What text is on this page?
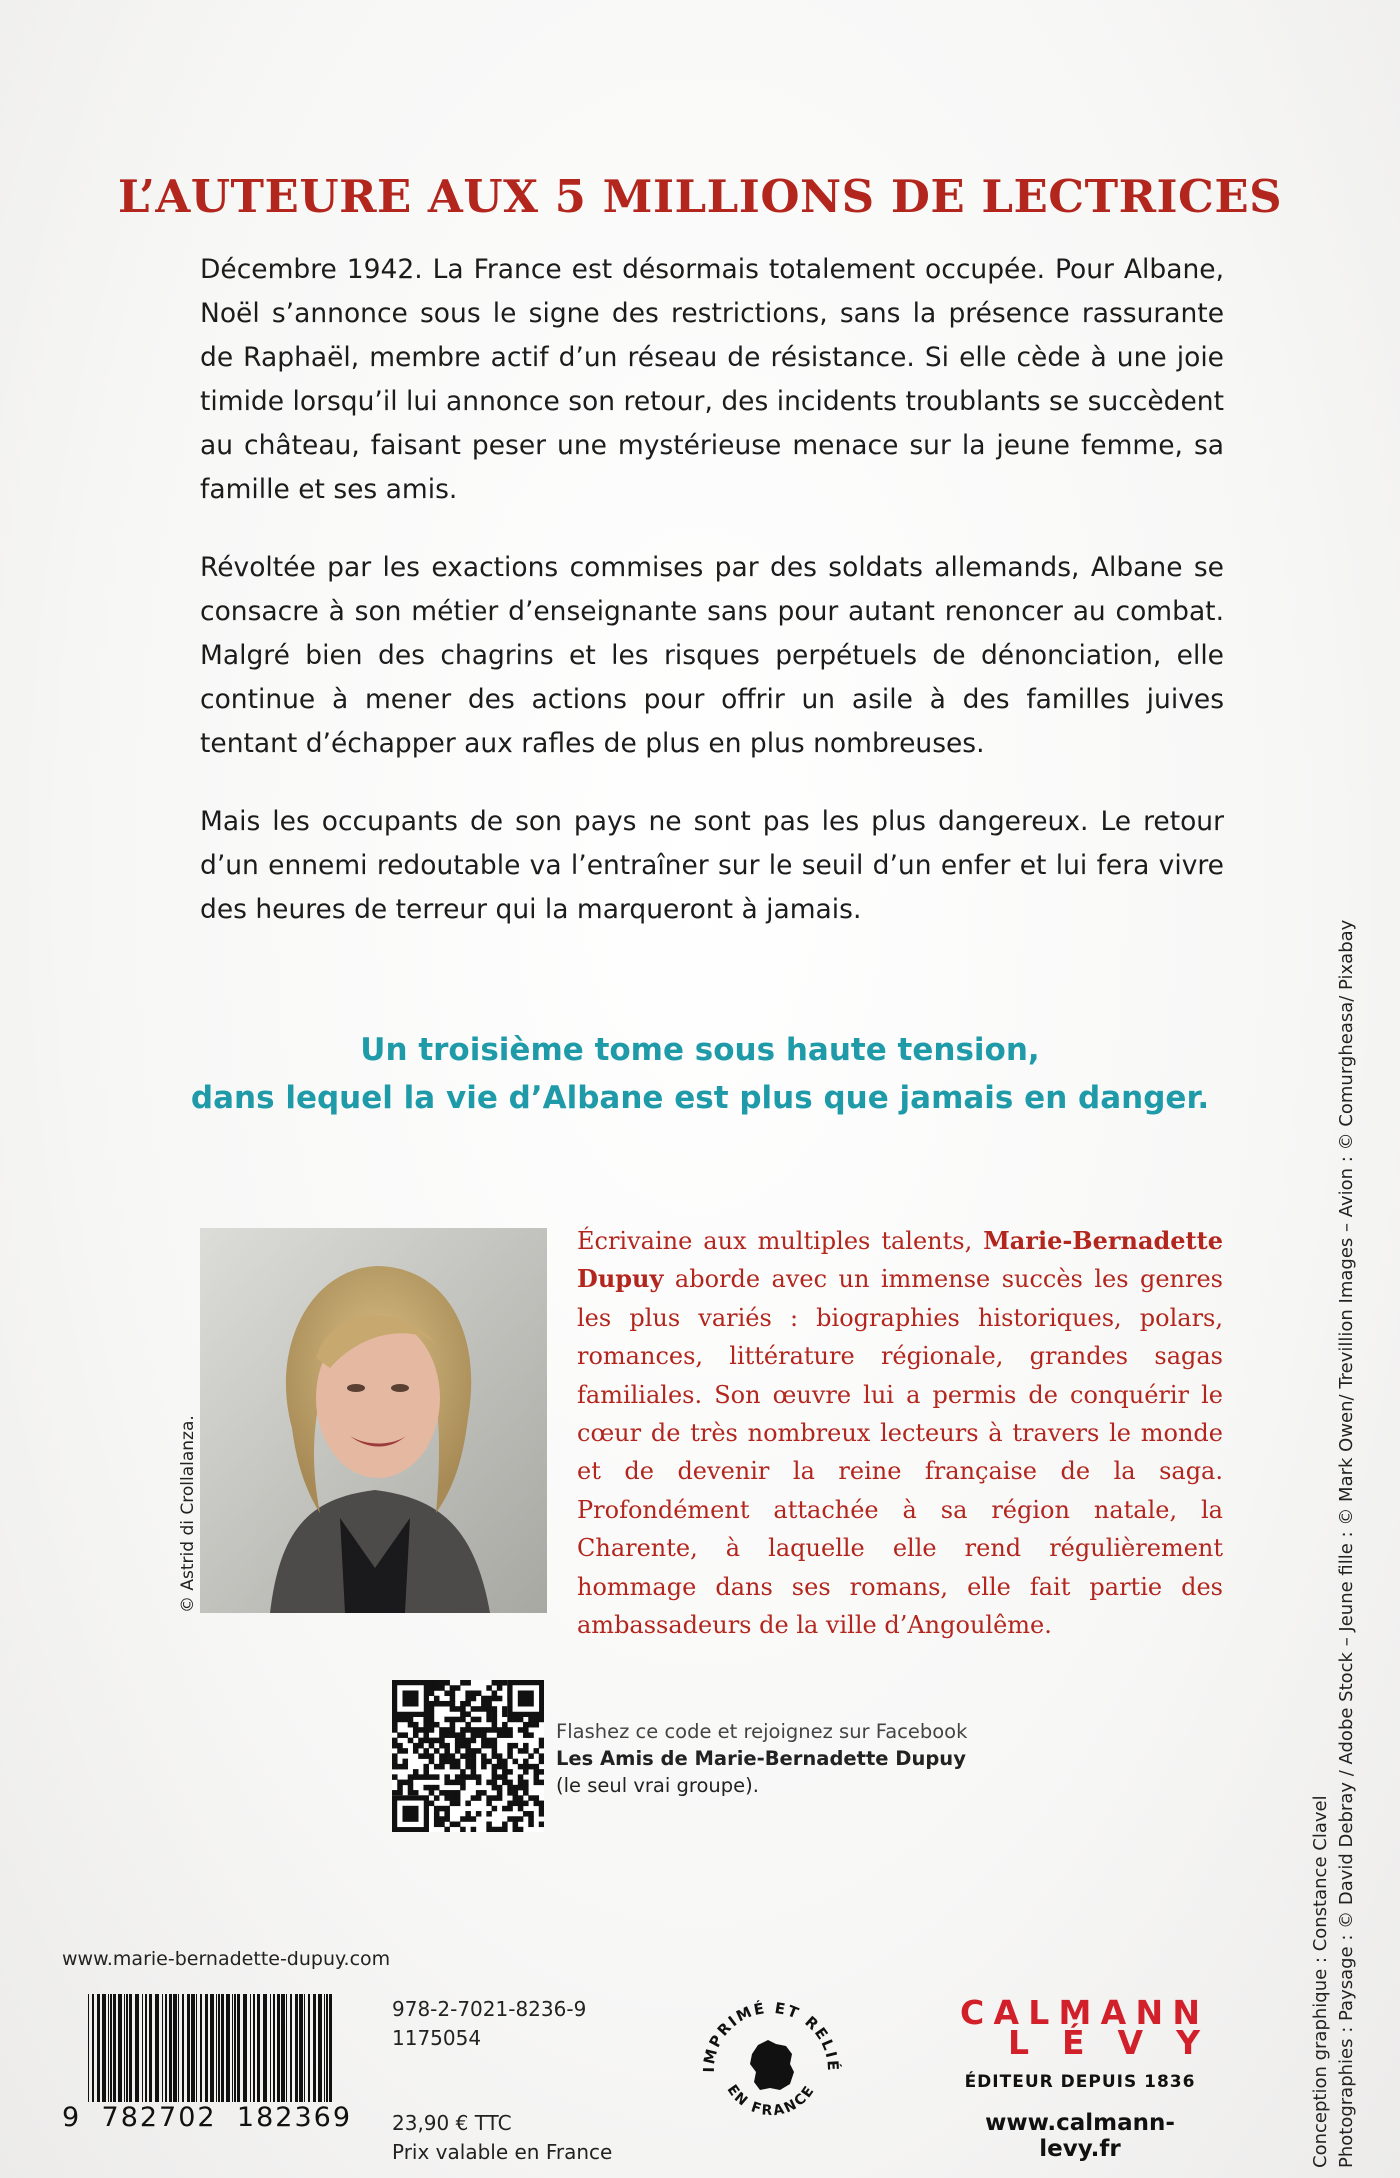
L’AUTEURE AUX 5 MILLIONS DE LECTRICES

Décembre 1942. La France est désormais totalement occupée. Pour Albane, Noël s’annonce sous le signe des restrictions, sans la présence rassurante de Raphaël, membre actif d’un réseau de résistance. Si elle cède à une joie timide lorsqu’il lui annonce son retour, des incidents troublants se succèdent au château, faisant peser une mystérieuse menace sur la jeune femme, sa famille et ses amis.

Révoltée par les exactions commises par des soldats allemands, Albane se consacre à son métier d’enseignante sans pour autant renoncer au combat. Malgré bien des chagrins et les risques perpétuels de dénonciation, elle continue à mener des actions pour offrir un asile à des familles juives tentant d’échapper aux rafles de plus en plus nombreuses.

Mais les occupants de son pays ne sont pas les plus dangereux. Le retour d’un ennemi redoutable va l’entraîner sur le seuil d’un enfer et lui fera vivre des heures de terreur qui la marqueront à jamais.

Un troisième tome sous haute tension,
dans lequel la vie d’Albane est plus que jamais en danger.
© Astrid di Crollalanza.
Écrivaine aux multiples talents, Marie-Bernadette Dupuy aborde avec un immense succès les genres les plus variés : biographies historiques, polars, romances, littérature régionale, grandes sagas familiales. Son œuvre lui a permis de conquérir le cœur de très nombreux lecteurs à travers le monde et de devenir la reine française de la saga. Profondément attachée à sa région natale, la Charente, à laquelle elle rend régulièrement hommage dans ses romans, elle fait partie des ambassadeurs de la ville d’Angoulême.
Flashez ce code et rejoignez sur Facebook
Les Amis de Marie-Bernadette Dupuy
(le seul vrai groupe).
www.marie-bernadette-dupuy.com
9 782702 182369
978-2-7021-8236-9
1175054
23,90 € TTC
Prix valable en France
IMPRIMÉ ET RELIÉ
EN FRANCE
C A L M A N N
L É V Y
ÉDITEUR DEPUIS 1836
www.calmann-levy.fr	Conception graphique : Constance Clavel Photographies : Paysage : © David Debray / Adobe Stock – Jeune fille : © Mark Owen/ Trevillion Images – Avion : © Comurgheasa/ Pixabay
